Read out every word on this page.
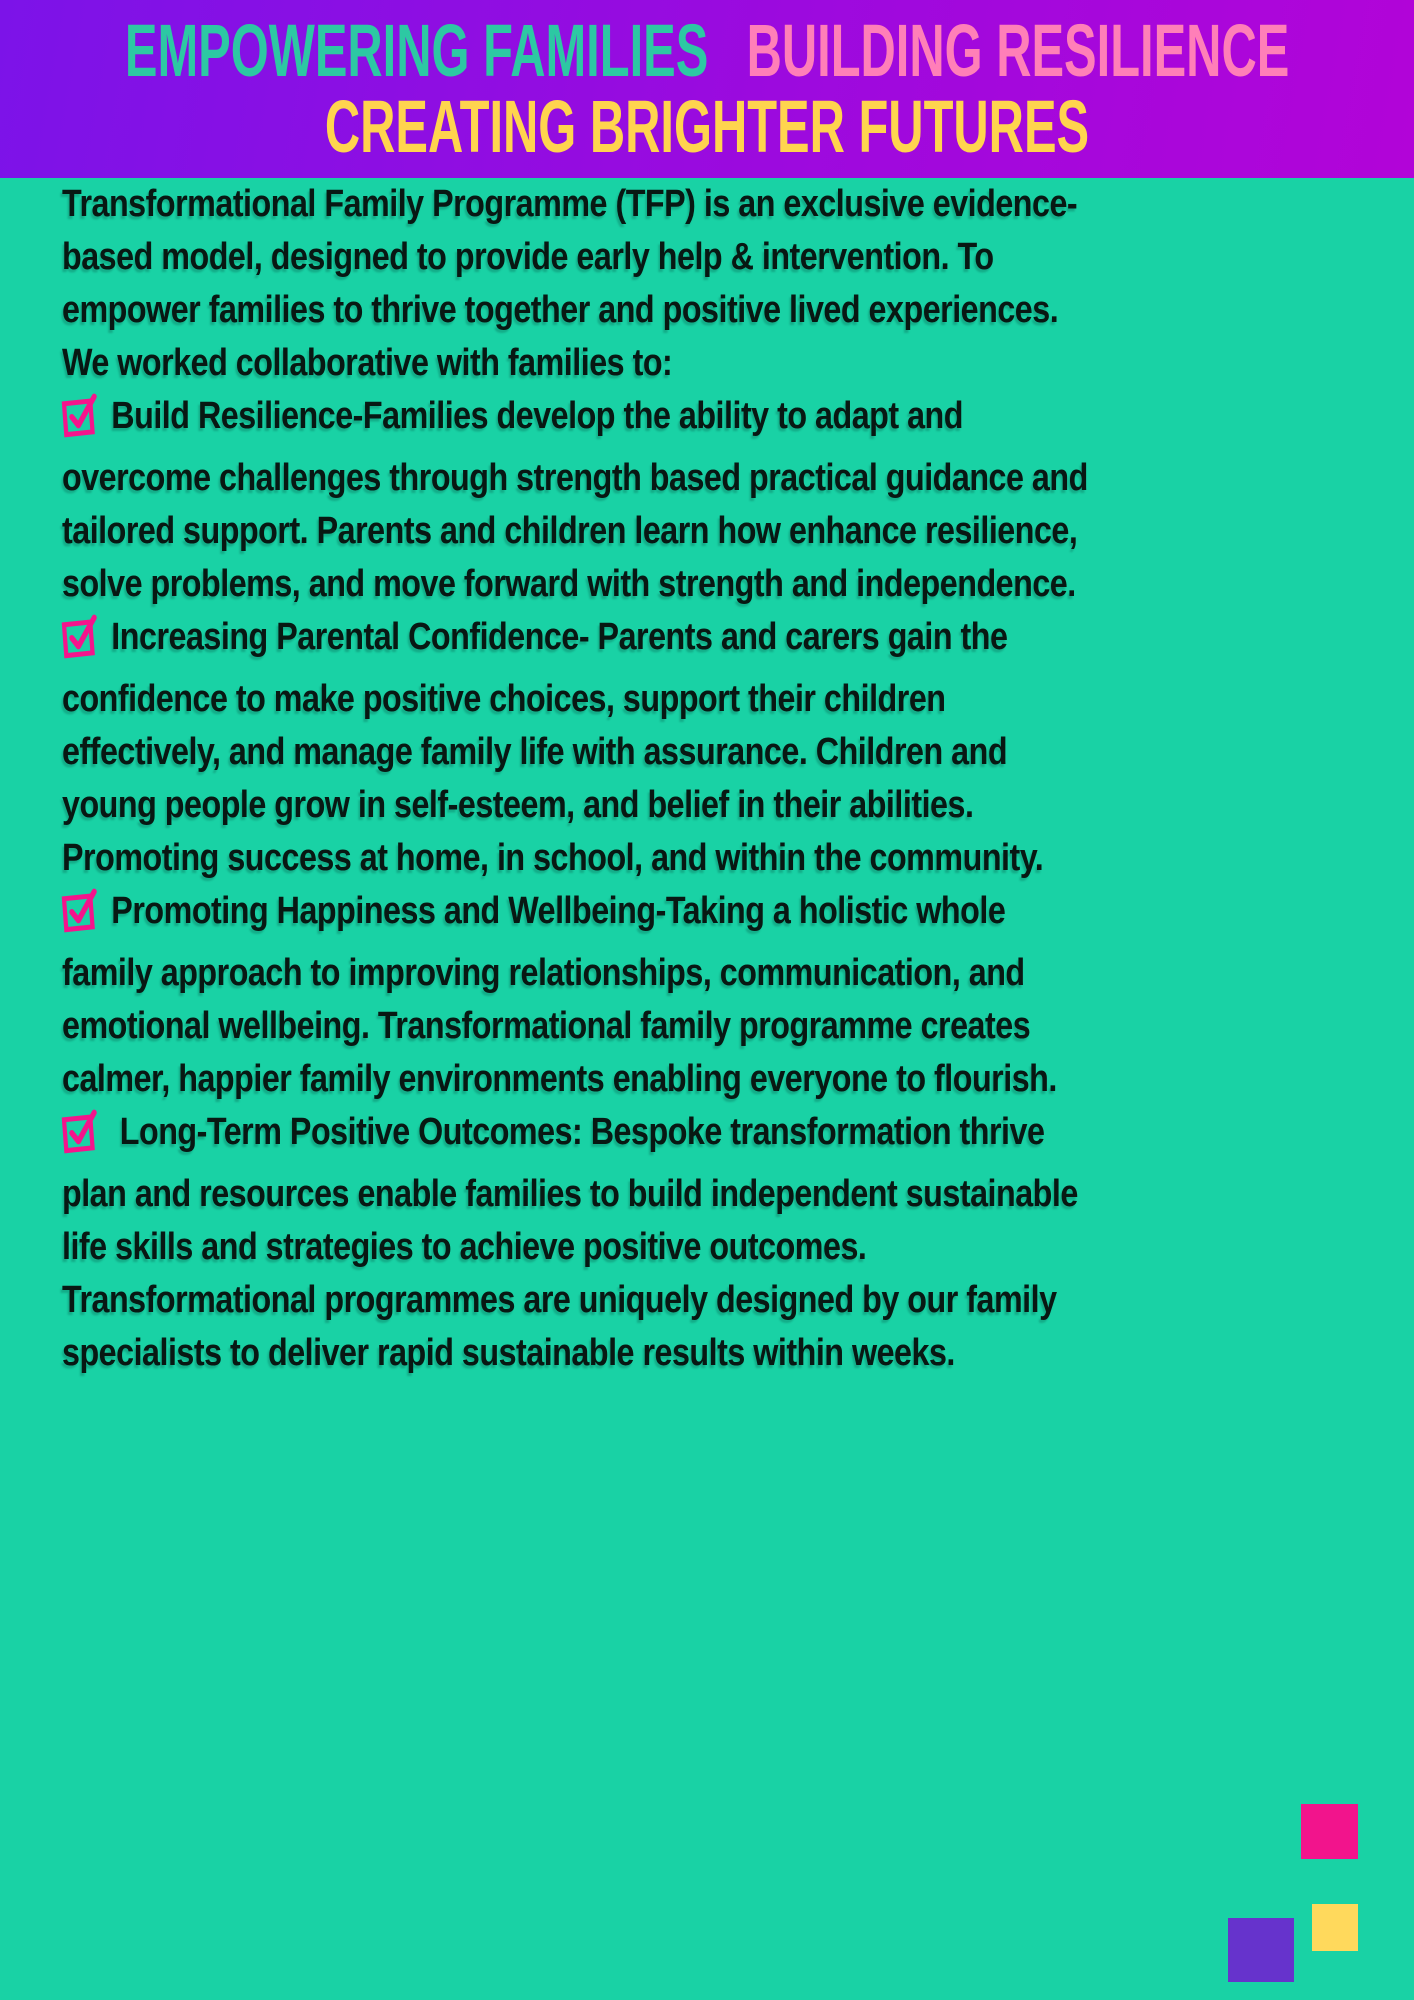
EMPOWERING FAMILIES BUILDING RESILIENCE
CREATING BRIGHTER FUTURES

Transformational Family Programme (TFP) is an exclusive evidence-based model, designed to provide early help & intervention. To empower families to thrive together and positive lived experiences.

We worked collaborative with families to:

Build Resilience-Families develop the ability to adapt and overcome challenges through strength based practical guidance and tailored support. Parents and children learn how enhance resilience, solve problems, and move forward with strength and independence.

Increasing Parental Confidence- Parents and carers gain the confidence to make positive choices, support their children effectively, and manage family life with assurance. Children and young people grow in self-esteem, and belief in their abilities. Promoting success at home, in school, and within the community.

Promoting Happiness and Wellbeing-Taking a holistic whole family approach to improving relationships, communication, and emotional wellbeing. Transformational family programme creates calmer, happier family environments enabling everyone to flourish.

Long-Term Positive Outcomes: Bespoke transformation thrive plan and resources enable families to build independent sustainable life skills and strategies to achieve positive outcomes.

Transformational programmes are uniquely designed by our family specialists to deliver rapid sustainable results within weeks.
